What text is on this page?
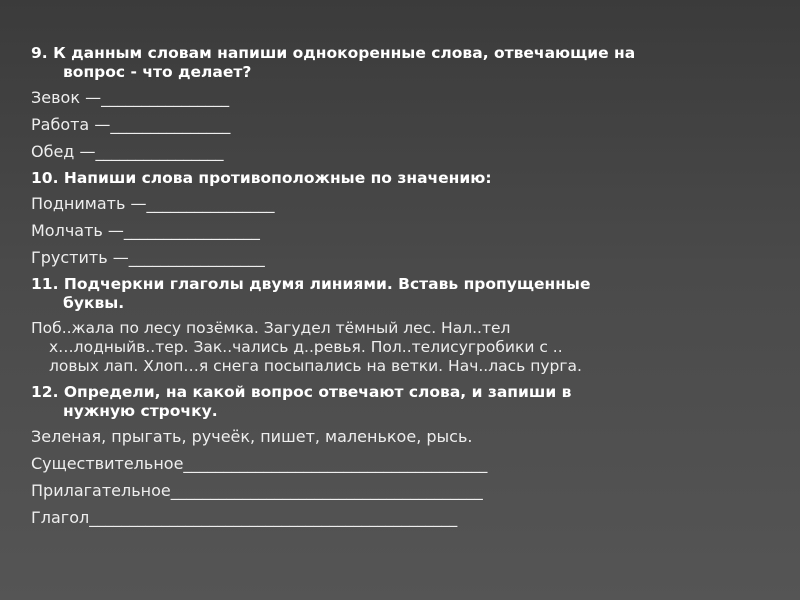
9. К данным словам напиши однокоренные слова, отвечающие на
вопрос - что делает?
Зевок —________________
Работа —_______________
Обед —________________
10. Напиши слова противоположные по значению:
Поднимать —________________
Молчать —_________________
Грустить —_________________
11. Подчеркни глаголы двумя линиями. Вставь пропущенные
буквы.
Поб..жала по лесу позёмка. Загудел тёмный лес. Нал..тел
х…лодныйв..тер. Зак..чались д..ревья. Пол..телисугробики с ..
ловых лап. Хлоп…я снега посыпались на ветки. Нач..лась пурга.
12. Определи, на какой вопрос отвечают слова, и запиши в
нужную строчку.
Зеленая, прыгать, ручеёк, пишет, маленькое, рысь.
Существительное______________________________________
Прилагательное_______________________________________
Глагол______________________________________________
